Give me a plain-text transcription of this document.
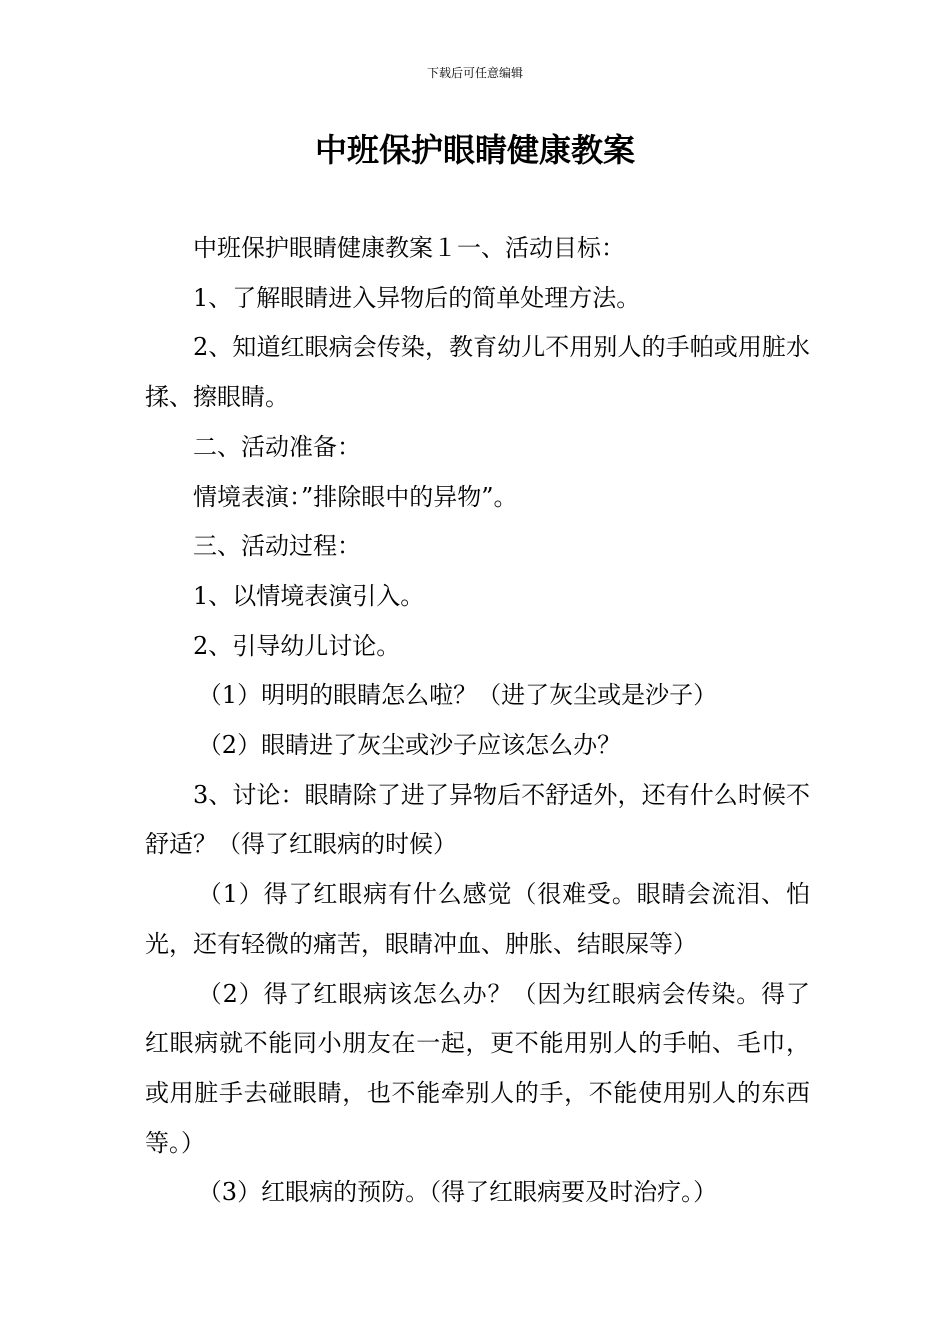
下载后可任意编辑
中班保护眼睛健康教案

中班保护眼睛健康教案１一、活动目标：

1、了解眼睛进入异物后的简单处理方法。

2、知道红眼病会传染，教育幼儿不用别人的手帕或用脏水揉、擦眼睛。

二、活动准备：

情境表演：”排除眼中的异物”。

三、活动过程：

1、以情境表演引入。

2、引导幼儿讨论。

（1）明明的眼睛怎么啦？（进了灰尘或是沙子）

（2）眼睛进了灰尘或沙子应该怎么办？

3、讨论：眼睛除了进了异物后不舒适外，还有什么时候不舒适？（得了红眼病的时候）

（1）得了红眼病有什么感觉（很难受。眼睛会流泪、怕光，还有轻微的痛苦，眼睛冲血、肿胀、结眼屎等）

（2）得了红眼病该怎么办？（因为红眼病会传染。得了红眼病就不能同小朋友在一起，更不能用别人的手帕、毛巾，或用脏手去碰眼睛，也不能牵别人的手，不能使用别人的东西等。）

（3）红眼病的预防。（得了红眼病要及时治疗。）
